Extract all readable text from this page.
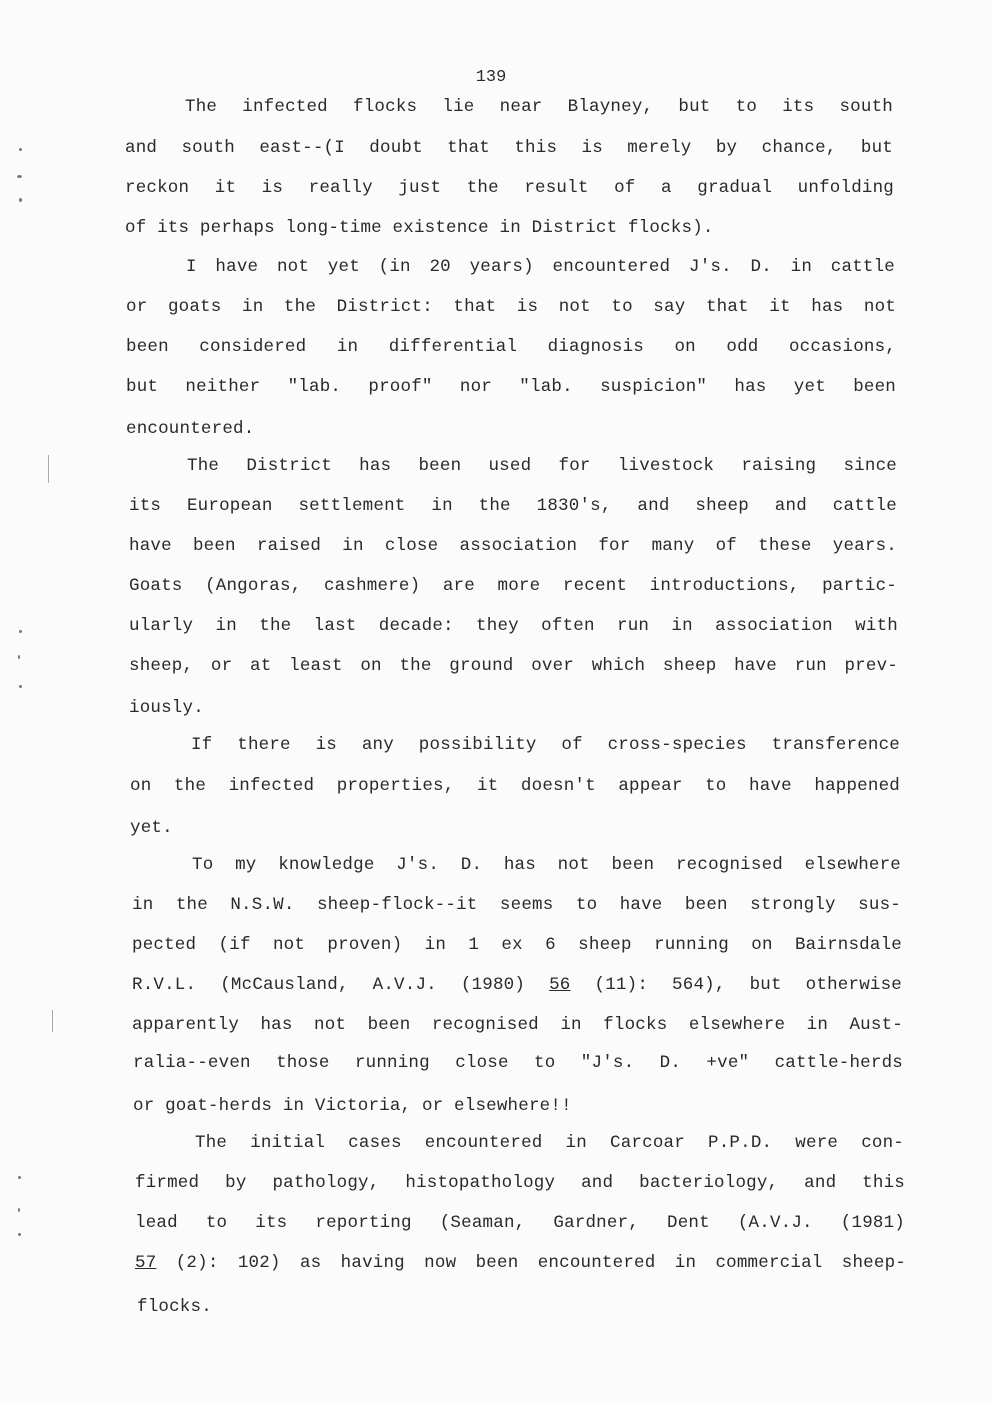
139
The infected flocks lie near Blayney, but to its south
and south east--(I doubt that this is merely by chance, but
reckon it is really just the result of a gradual unfolding
of its perhaps long-time existence in District flocks).
I have not yet (in 20 years) encountered J's. D. in cattle
or goats in the District: that is not to say that it has not
been considered in differential diagnosis on odd occasions,
but neither "lab. proof" nor "lab. suspicion" has yet been
encountered.
The District has been used for livestock raising since
its European settlement in the 1830's, and sheep and cattle
have been raised in close association for many of these years.
Goats (Angoras, cashmere) are more recent introductions, partic-
ularly in the last decade: they often run in association with
sheep, or at least on the ground over which sheep have run prev-
iously.
If there is any possibility of cross-species transference
on the infected properties, it doesn't appear to have happened
yet.
To my knowledge J's. D. has not been recognised elsewhere
in the N.S.W. sheep-flock--it seems to have been strongly sus-
pected (if not proven) in 1 ex 6 sheep running on Bairnsdale
R.V.L. (McCausland, A.V.J. (1980) 56 (11): 564), but otherwise
apparently has not been recognised in flocks elsewhere in Aust-
ralia--even those running close to "J's. D. +ve" cattle-herds
or goat-herds in Victoria, or elsewhere!!
The initial cases encountered in Carcoar P.P.D. were con-
firmed by pathology, histopathology and bacteriology, and this
lead to its reporting (Seaman, Gardner, Dent (A.V.J. (1981)
57 (2): 102) as having now been encountered in commercial sheep-
flocks.
